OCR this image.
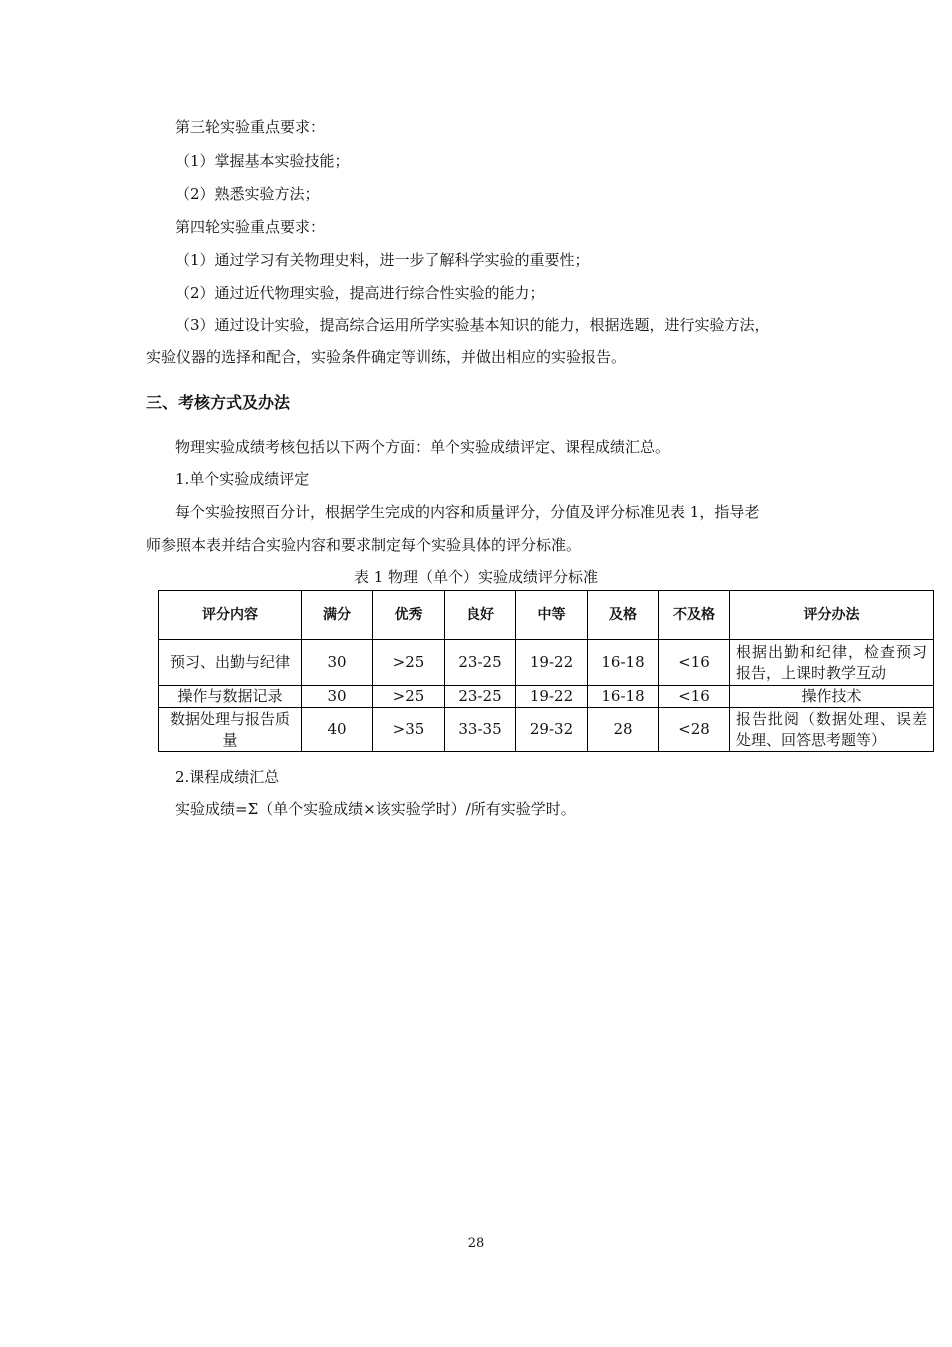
第三轮实验重点要求：
（1）掌握基本实验技能；
（2）熟悉实验方法；
第四轮实验重点要求：
（1）通过学习有关物理史料，进一步了解科学实验的重要性；
（2）通过近代物理实验，提高进行综合性实验的能力；
（3）通过设计实验，提高综合运用所学实验基本知识的能力，根据选题，进行实验方法，
实验仪器的选择和配合，实验条件确定等训练，并做出相应的实验报告。
三、考核方式及办法
物理实验成绩考核包括以下两个方面：单个实验成绩评定、课程成绩汇总。
1.单个实验成绩评定
每个实验按照百分计，根据学生完成的内容和质量评分，分值及评分标准见表 1，指导老
师参照本表并结合实验内容和要求制定每个实验具体的评分标准。
表 1 物理（单个）实验成绩评分标准
评分内容	满分	优秀	良好	中等	及格	不及格	评分办法
预习、出勤与纪律	30	>25	23-25	19-22	16-18	<16	根据出勤和纪律，检查预习报告，上课时教学互动
操作与数据记录	30	>25	23-25	19-22	16-18	<16	操作技术
数据处理与报告质量	40	>35	33-35	29-32	28	<28	报告批阅（数据处理、误差处理、回答思考题等）
2.课程成绩汇总
实验成绩=Σ（单个实验成绩×该实验学时）/所有实验学时。
28
